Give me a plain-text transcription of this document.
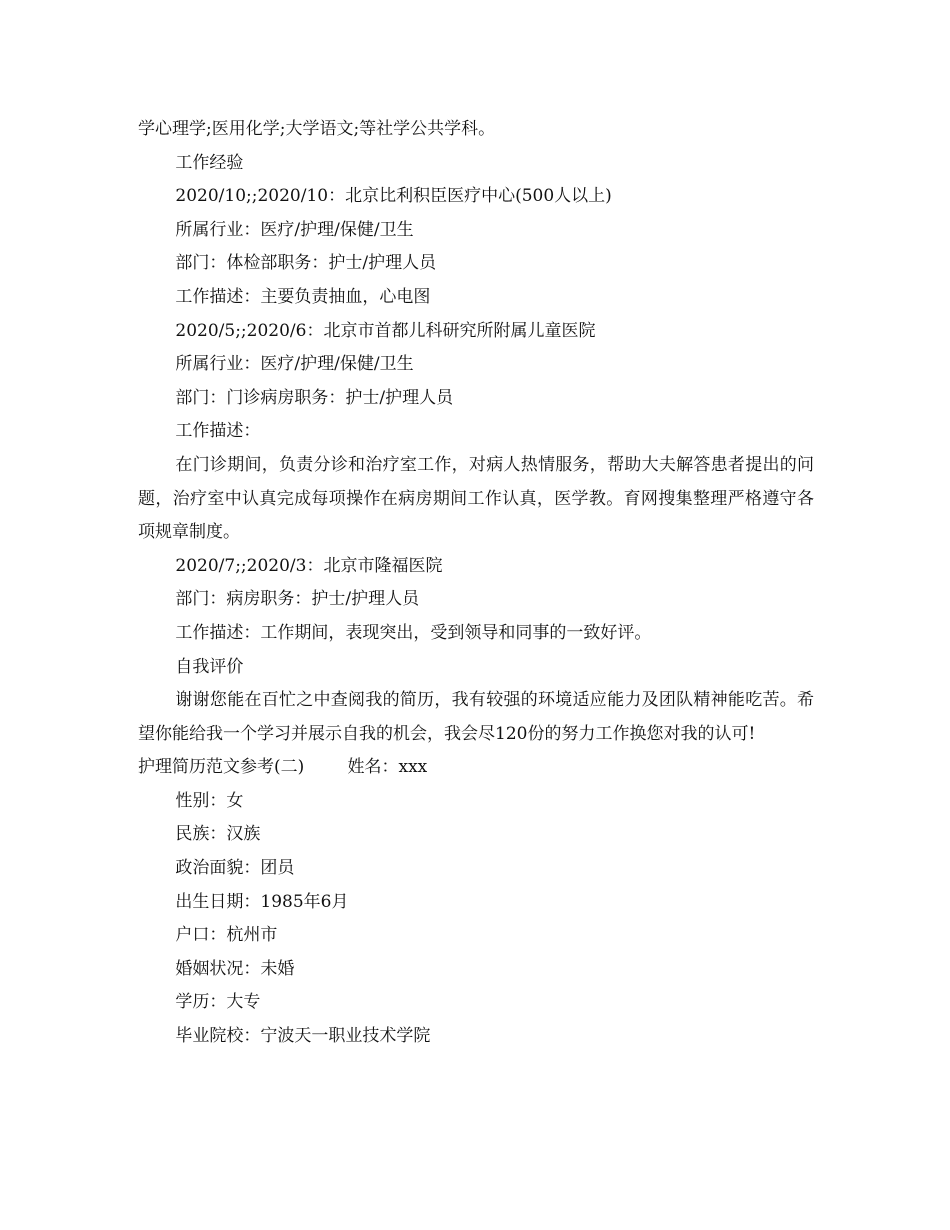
学心理学;医用化学;大学语文;等社学公共学科。

工作经验

2020/10;;2020/10：北京比利积臣医疗中心(500人以上)

所属行业：医疗/护理/保健/卫生

部门：体检部职务：护士/护理人员

工作描述：主要负责抽血，心电图

2020/5;;2020/6：北京市首都儿科研究所附属儿童医院

所属行业：医疗/护理/保健/卫生

部门：门诊病房职务：护士/护理人员

工作描述：

在门诊期间，负责分诊和治疗室工作，对病人热情服务，帮助大夫解答患者提出的问题，治疗室中认真完成每项操作在病房期间工作认真，医学教。育网搜集整理严格遵守各项规章制度。

2020/7;;2020/3：北京市隆福医院

部门：病房职务：护士/护理人员

工作描述：工作期间，表现突出，受到领导和同事的一致好评。

自我评价

谢谢您能在百忙之中查阅我的简历，我有较强的环境适应能力及团队精神能吃苦。希望你能给我一个学习并展示自我的机会，我会尽120份的努力工作换您对我的认可!

护理简历范文参考(二)        姓名：xxx

性别：女

民族：汉族

政治面貌：团员

出生日期：1985年6月

户口：杭州市

婚姻状况：未婚

学历：大专

毕业院校：宁波天一职业技术学院
